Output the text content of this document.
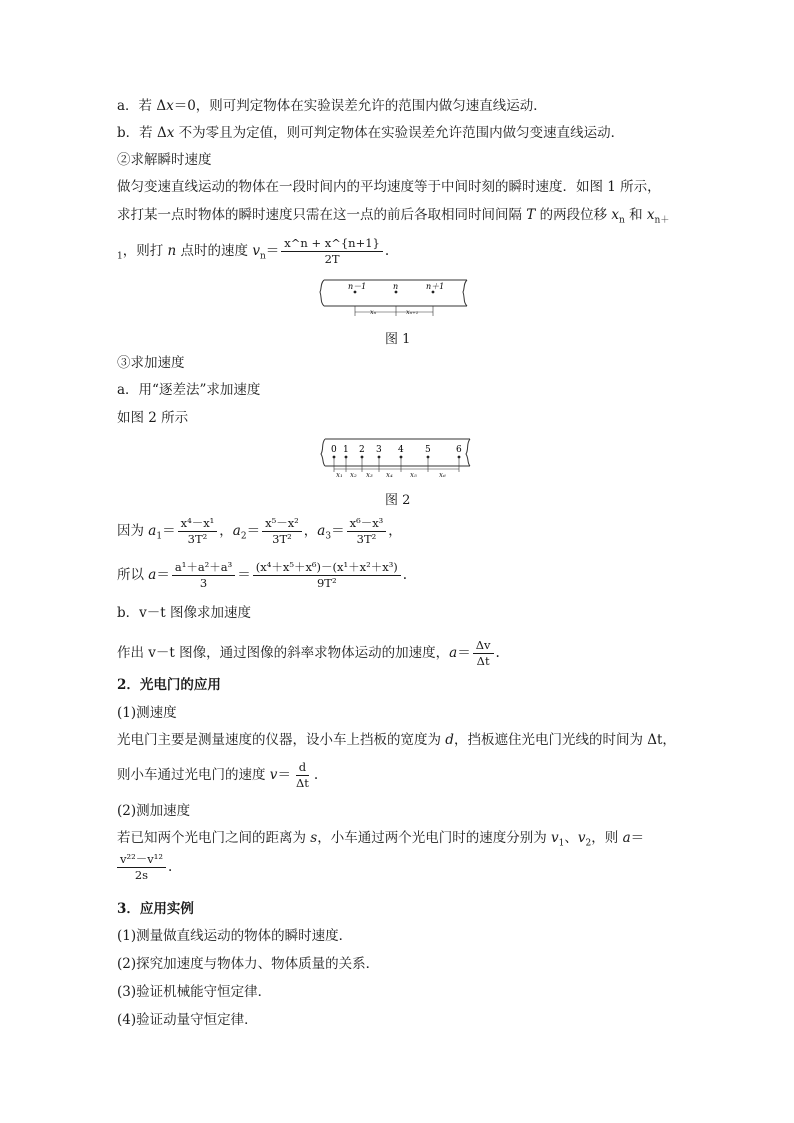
a．若 Δx＝0，则可判定物体在实验误差允许的范围内做匀速直线运动．
b．若 Δx 不为零且为定值，则可判定物体在实验误差允许范围内做匀变速直线运动．
②求解瞬时速度
做匀变速直线运动的物体在一段时间内的平均速度等于中间时刻的瞬时速度．如图 1 所示，
求打某一点时物体的瞬时速度只需在这一点的前后各取相同时间间隔 T 的两段位移 $x_n$ 和 $x_{n+}$
$_1$，则打 n 点时的速度 $v_n= \frac{x\^{}n + x\^{}\{n+1\}}{2T}$ .
n－1	n	n＋1
xₙ	xₙ₊₁
图 1
③求加速度
a．用“逐差法”求加速度
如图 2 所示
0 1 2 3 4 5	6
x₁ x₂ x₃ x₄ x₅	x₆
图 2
因为 $a_1= \frac{\text{x⁴－x¹}}{\text{3T²}}$ ，$a_2= \frac{\text{x⁵－x²}}{\text{3T²}}$ ，$a_3= \frac{\text{x⁶－x³}}{\text{3T²}}$ ，
所以 $a= \frac{\text{a¹＋a²＋a³}}{3} = \frac{\text{(x⁴＋x⁵＋x⁶)－(x¹＋x²＋x³)}}{\text{9T²}}$ .
b．v－t 图像求加速度
作出 v－t 图像，通过图像的斜率求物体运动的加速度，$a= \frac{\Delta v}{\Delta t}$ .
2．光电门的应用
(1)测速度
光电门主要是测量速度的仪器，设小车上挡板的宽度为 d，挡板遮住光电门光线的时间为 Δt，
则小车通过光电门的速度 $v= \frac{d}{\Delta t}$ .
(2)测加速度
若已知两个光电门之间的距离为 s，小车通过两个光电门时的速度分别为 $v_1$、$v_2$，则 a＝
$\frac{\text{v²²－v¹²}}{2s}$ .
3．应用实例
(1)测量做直线运动的物体的瞬时速度．
(2)探究加速度与物体力、物体质量的关系．
(3)验证机械能守恒定律．
(4)验证动量守恒定律．
